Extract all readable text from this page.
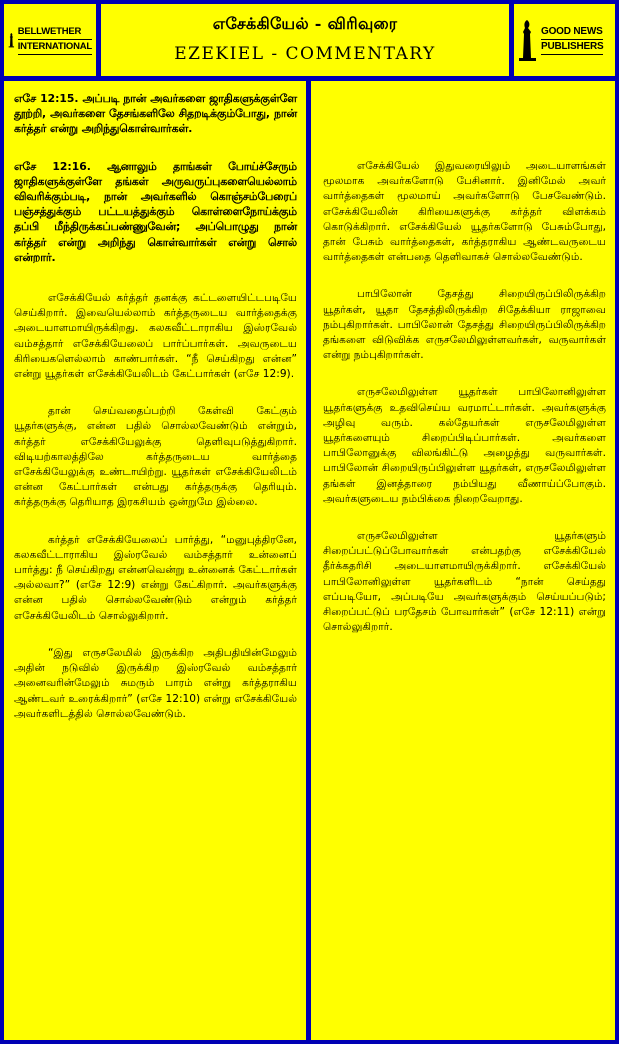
BELLWETHER
INTERNATIONAL
எசேக்கியேல் - விரிவுரை
EZEKIEL - COMMENTARY
GOOD NEWS
PUBLISHERS

எசே 12:15. அப்படி நான் அவர்களை ஜாதிகளுக்குள்ளே தூற்றி, அவர்களை தேசங்களிலே சிதறடிக்கும்போது, நான் கர்த்தர் என்று அறிந்துகொள்வார்கள்.

எசே 12:16. ஆனாலும் தாங்கள் போய்ச்சேரும் ஜாதிகளுக்குள்ளே தங்கள் அருவருப்புகளையெல்லாம் விவரிக்கும்படி, நான் அவர்களில் கொஞ்சம்பேரைப் பஞ்சத்துக்கும் பட்டயத்துக்கும் கொள்ளைநோய்க்கும் தப்பி மீந்திருக்கப்பண்ணுவேன்; அப்பொழுது நான் கர்த்தர் என்று அறிந்து கொள்வார்கள் என்று சொல் என்றார்.

எசேக்கியேல் கர்த்தர் தனக்கு கட்டளையிட்டபடியே செய்கிறார். இவையெல்லாம் கர்த்தருடைய வார்த்தைக்கு அடையாளமாயிருக்கிறது. கலகவீட்டாராகிய இஸ்ரவேல் வம்சத்தார் எசேக்கியேலைப் பார்ப்பார்கள். அவருடைய கிரியைகளெல்லாம் காண்பார்கள். “நீ செய்கிறது என்ன” என்று யூதர்கள் எசேக்கியேலிடம் கேட்பார்கள் (எசே 12:9).

தான் செய்வதைப்பற்றி கேள்வி கேட்கும் யூதர்களுக்கு, என்ன பதில் சொல்லவேண்டும் என்றும், கர்த்தர் எசேக்கியேலுக்கு தெளிவுபடுத்துகிறார். விடியற்காலத்திலே கர்த்தருடைய வார்த்தை எசேக்கியேலுக்கு உண்டாயிற்று. யூதர்கள் எசேக்கியேலிடம் என்ன கேட்பார்கள் என்பது கர்த்தருக்கு தெரியும். கர்த்தருக்கு தெரியாத இரகசியம் ஒன்றுமே இல்லை.

கர்த்தர் எசேக்கியேலைப் பார்த்து, “மனுபுத்திரனே, கலகவீட்டாராகிய இஸ்ரவேல் வம்சத்தார் உன்னைப் பார்த்து: நீ செய்கிறது என்னவென்று உன்னைக் கேட்டார்கள் அல்லவா?” (எசே 12:9) என்று கேட்கிறார். அவர்களுக்கு என்ன பதில் சொல்லவேண்டும் என்றும் கர்த்தர் எசேக்கியேலிடம் சொல்லுகிறார்.

“இது எருசலேமில் இருக்கிற அதிபதியின்மேலும் அதின் நடுவில் இருக்கிற இஸ்ரவேல் வம்சத்தார் அனைவரின்மேலும் சுமரும் பாரம் என்று கர்த்தராகிய ஆண்டவர் உரைக்கிறார்” (எசே 12:10) என்று எசேக்கியேல் அவர்களிடத்தில் சொல்லவேண்டும்.

எசேக்கியேல் இதுவரையிலும் அடையாளங்கள் மூலமாக அவர்களோடு பேசினார். இனிமேல் அவர் வார்த்தைகள் மூலமாய் அவர்களோடு பேசவேண்டும். எசேக்கியேலின் கிரியைகளுக்கு கர்த்தர் விளக்கம் கொடுக்கிறார். எசேக்கியேல் யூதர்களோடு பேசும்போது, தான் பேசும் வார்த்தைகள், கர்த்தராகிய ஆண்டவருடைய வார்த்தைகள் என்பதை தெளிவாகச் சொல்லவேண்டும்.

பாபிலோன் தேசத்து சிறையிருப்பிலிருக்கிற யூதர்கள், யூதா தேசத்திலிருக்கிற சிதேக்கியா ராஜாவை நம்புகிறார்கள். பாபிலோன் தேசத்து சிறையிருப்பிலிருக்கிற தங்களை விடுவிக்க எருசலேமிலுள்ளவர்கள், வருவார்கள் என்று நம்புகிறார்கள்.

எருசலேமிலுள்ள யூதர்கள் பாபிலோனிலுள்ள யூதர்களுக்கு உதவிசெய்ய வரமாட்டார்கள். அவர்களுக்கு அழிவு வரும். கல்தேயர்கள் எருசலேமிலுள்ள யூதர்களையும் சிறைப்பிடிப்பார்கள். அவர்களை பாபிலோனுக்கு விலங்கிட்டு அழைத்து வருவார்கள். பாபிலோன் சிறையிருப்பிலுள்ள யூதர்கள், எருசலேமிலுள்ள தங்கள் இனத்தாரை நம்பியது வீணாய்ப்போகும். அவர்களுடைய நம்பிக்கை நிறைவேறாது.

எருசலேமிலுள்ள யூதர்களும் சிறைப்பட்டுப்போவார்கள் என்பதற்கு எசேக்கியேல் தீர்க்கதரிசி அடையாளமாயிருக்கிறார். எசேக்கியேல் பாபிலோனிலுள்ள யூதர்களிடம் “நான் செய்தது எப்படியோ, அப்படியே அவர்களுக்கும் செய்யப்படும்; சிறைப்பட்டுப் பரதேசம் போவார்கள்” (எசே 12:11) என்று சொல்லுகிறார்.
